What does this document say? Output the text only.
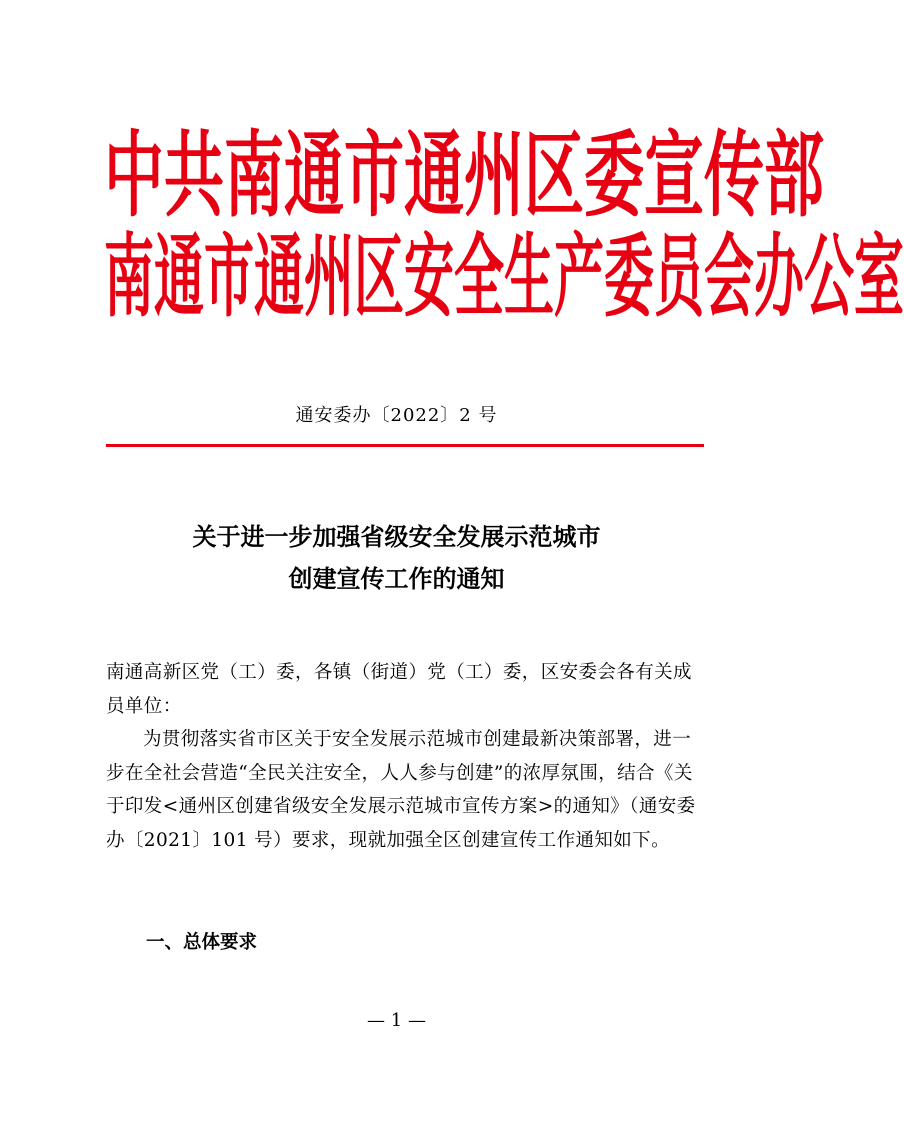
中共南通市通州区委宣传部
南通市通州区安全生产委员会办公室
通安委办〔2022〕2 号
关于进一步加强省级安全发展示范城市
创建宣传工作的通知
南通高新区党（工）委，各镇（街道）党（工）委，区安委会各有关成员单位：
为贯彻落实省市区关于安全发展示范城市创建最新决策部署，进一步在全社会营造“全民关注安全，人人参与创建”的浓厚氛围，结合《关于印发<通州区创建省级安全发展示范城市宣传方案>的通知》（通安委办〔2021〕101 号）要求，现就加强全区创建宣传工作通知如下。
一、总体要求
— 1 —
